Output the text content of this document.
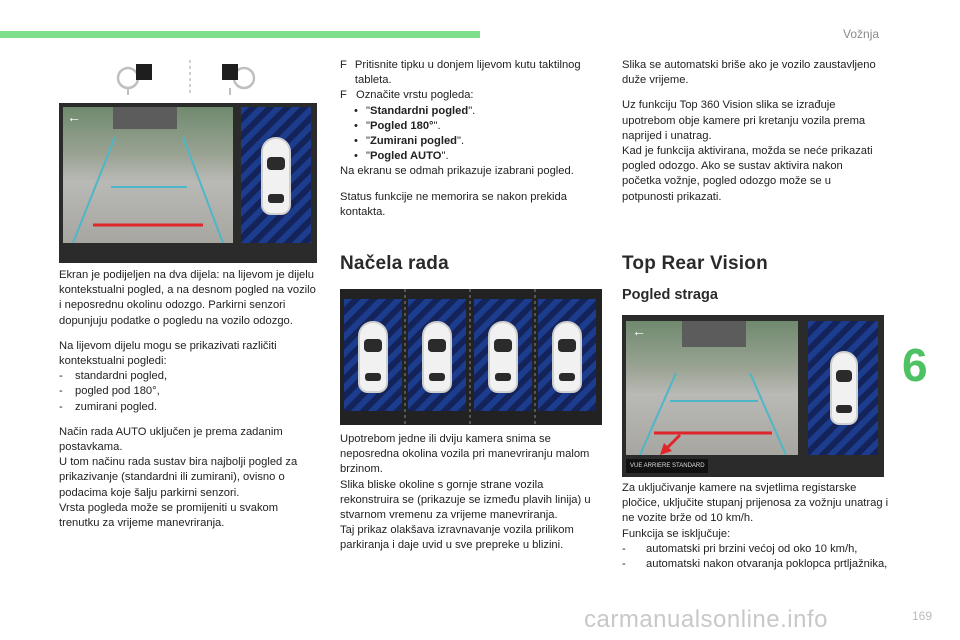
Vožnja
←

Ekran je podijeljen na dva dijela: na lijevom je dijelu kontekstualni pogled, a na desnom pogled na vozilo i neposrednu okolinu odozgo. Parkirni senzori dopunjuju podatke o pogledu na vozilo odozgo.

Na lijevom dijelu mogu se prikazivati različiti kontekstualni pogledi:

-	standardni pogled,
-	pogled pod 180°,
-	zumirani pogled.

Način rada AUTO uključen je prema zadanim postavkama.

U tom načinu rada sustav bira najbolji pogled za prikazivanje (standardni ili zumirani), ovisno o podacima koje šalju parkirni senzori.

Vrsta pogleda može se promijeniti u svakom trenutku za vrijeme manevriranja.

F Pritisnite tipku u donjem lijevom kutu taktilnog tableta.
F Označite vrstu pogleda:
• "Standardni pogled".
• "Pogled 180°".
• "Zumirani pogled".
• "Pogled AUTO".

Na ekranu se odmah prikazuje izabrani pogled.

Status funkcije ne memorira se nakon prekida kontakta.

Načela rada

Upotrebom jedne ili dviju kamera snima se neposredna okolina vozila pri manevriranju malom brzinom.

Slika bliske okoline s gornje strane vozila rekonstruira se (prikazuje se između plavih linija) u stvarnom vremenu za vrijeme manevriranja.

Taj prikaz olakšava izravnavanje vozila prilikom parkiranja i daje uvid u sve prepreke u blizini.

Slika se automatski briše ako je vozilo zaustavljeno duže vrijeme.

Uz funkciju Top 360 Vision slika se izrađuje upotrebom obje kamere pri kretanju vozila prema naprijed i unatrag.

Kad je funkcija aktivirana, možda se neće prikazati pogled odozgo. Ako se sustav aktivira nakon početka vožnje, pogled odozgo može se u potpunosti prikazati.

Top Rear Vision
Pogled straga
←
VUE ARRIERE STANDARD

Za uključivanje kamere na svjetlima registarske pločice, uključite stupanj prijenosa za vožnju unatrag i ne vozite brže od 10 km/h.

Funkcija se isključuje:

-	automatski pri brzini većoj od oko 10 km/h,
-	automatski nakon otvaranja poklopca prtljažnika,
6
carmanualsonline.info	169
